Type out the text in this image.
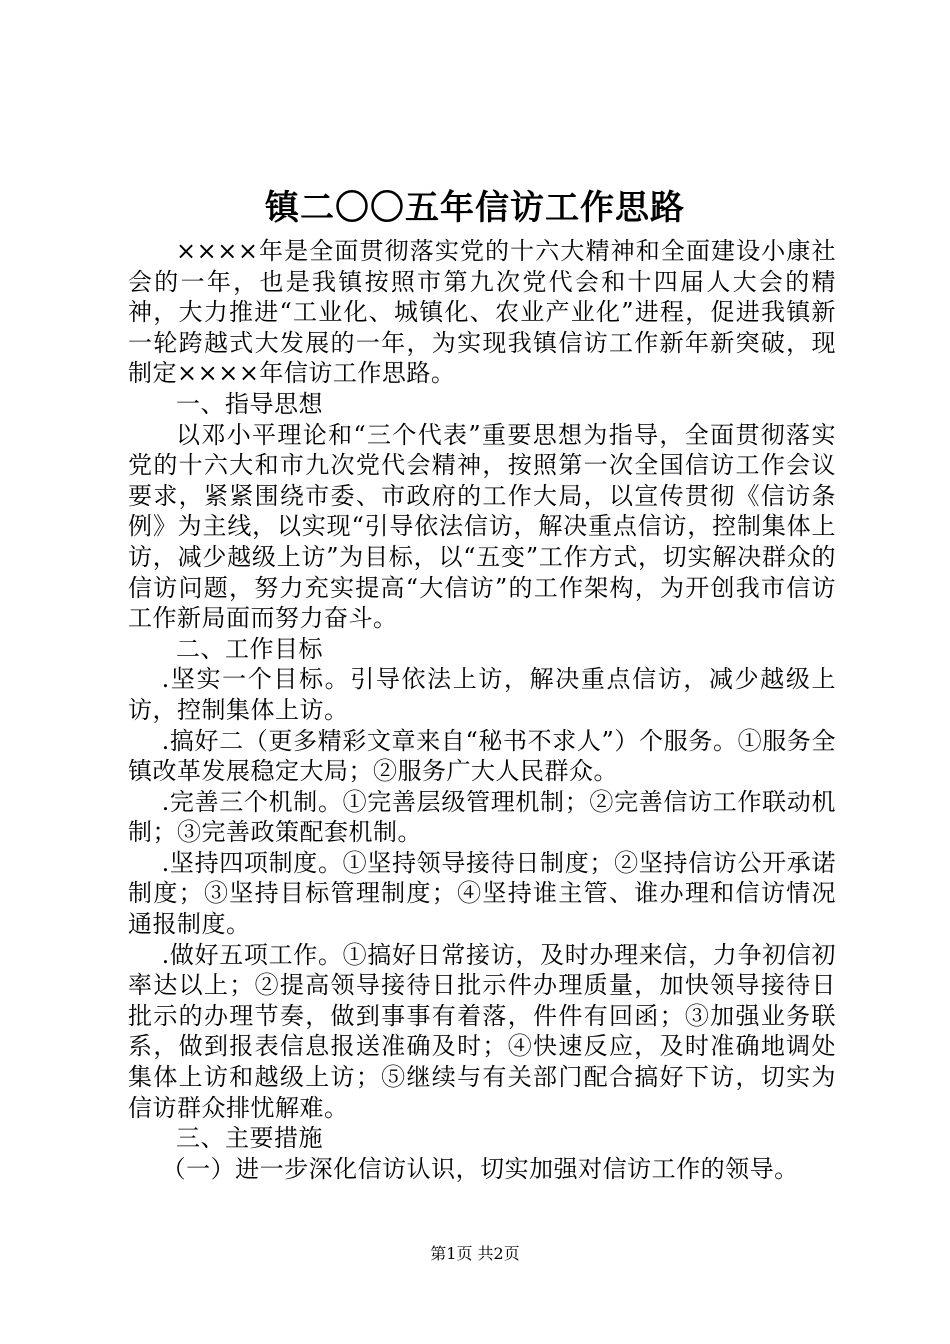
镇二〇〇五年信访工作思路

××××年是全面贯彻落实党的十六大精神和全面建设小康社会的一年，也是我镇按照市第九次党代会和十四届人大会的精神，大力推进“工业化、城镇化、农业产业化”进程，促进我镇新一轮跨越式大发展的一年，为实现我镇信访工作新年新突破，现制定××××年信访工作思路。

一、指导思想

以邓小平理论和“三个代表”重要思想为指导，全面贯彻落实党的十六大和市九次党代会精神，按照第一次全国信访工作会议要求，紧紧围绕市委、市政府的工作大局，以宣传贯彻《信访条例》为主线，以实现“引导依法信访，解决重点信访，控制集体上访，减少越级上访”为目标，以“五变”工作方式，切实解决群众的信访问题，努力充实提高“大信访”的工作架构，为开创我市信访工作新局面而努力奋斗。

二、工作目标

.坚实一个目标。引导依法上访，解决重点信访，减少越级上访，控制集体上访。

.搞好二（更多精彩文章来自“秘书不求人”）个服务。①服务全镇改革发展稳定大局；②服务广大人民群众。

.完善三个机制。①完善层级管理机制；②完善信访工作联动机制；③完善政策配套机制。

.坚持四项制度。①坚持领导接待日制度；②坚持信访公开承诺制度；③坚持目标管理制度；④坚持谁主管、谁办理和信访情况通报制度。

.做好五项工作。①搞好日常接访，及时办理来信，力争初信初率达以上；②提高领导接待日批示件办理质量，加快领导接待日批示的办理节奏，做到事事有着落，件件有回函；③加强业务联系，做到报表信息报送准确及时；④快速反应，及时准确地调处集体上访和越级上访；⑤继续与有关部门配合搞好下访，切实为信访群众排忧解难。

三、主要措施

（一）进一步深化信访认识，切实加强对信访工作的领导。

第1页 共2页
